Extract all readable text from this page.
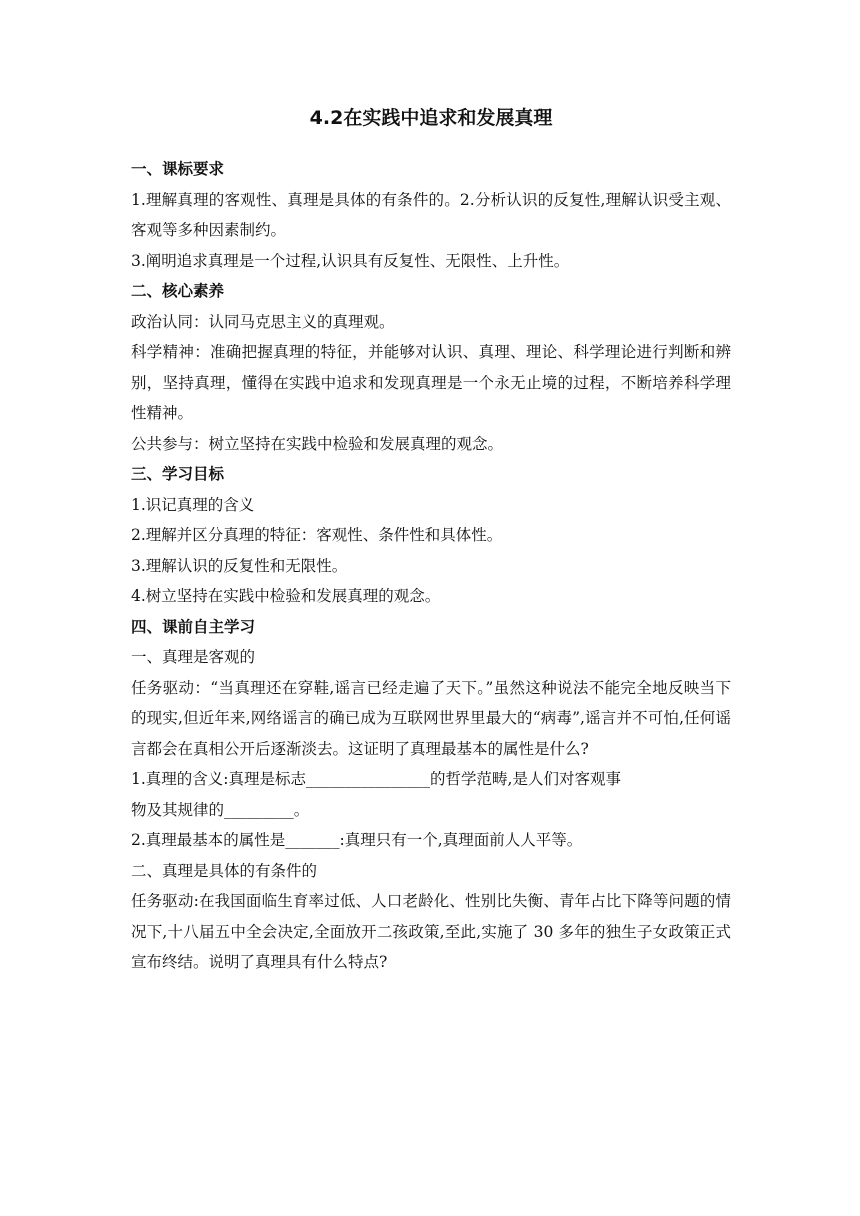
4.2在实践中追求和发展真理

一、课标要求

1.理解真理的客观性、真理是具体的有条件的。2.分析认识的反复性,理解认识受主观、客观等多种因素制约。

3.阐明追求真理是一个过程,认识具有反复性、无限性、上升性。

二、核心素养

政治认同：认同马克思主义的真理观。

科学精神：准确把握真理的特征，并能够对认识、真理、理论、科学理论进行判断和辨别，坚持真理，懂得在实践中追求和发现真理是一个永无止境的过程，不断培养科学理性精神。

公共参与：树立坚持在实践中检验和发展真理的观念。

三、学习目标

1.识记真理的含义

2.理解并区分真理的特征：客观性、条件性和具体性。

3.理解认识的反复性和无限性。

4.树立坚持在实践中检验和发展真理的观念。

四、课前自主学习

一、真理是客观的

任务驱动：“当真理还在穿鞋,谣言已经走遍了天下。”虽然这种说法不能完全地反映当下的现实,但近年来,网络谣言的确已成为互联网世界里最大的“病毒”,谣言并不可怕,任何谣言都会在真相公开后逐渐淡去。这证明了真理最基本的属性是什么?

1.真理的含义:真理是标志________________的哲学范畴,是人们对客观事

物及其规律的_________。

2.真理最基本的属性是_______:真理只有一个,真理面前人人平等。

二、真理是具体的有条件的

任务驱动:在我国面临生育率过低、人口老龄化、性别比失衡、青年占比下降等问题的情况下,十八届五中全会决定,全面放开二孩政策,至此,实施了 30 多年的独生子女政策正式宣布终结。说明了真理具有什么特点?
